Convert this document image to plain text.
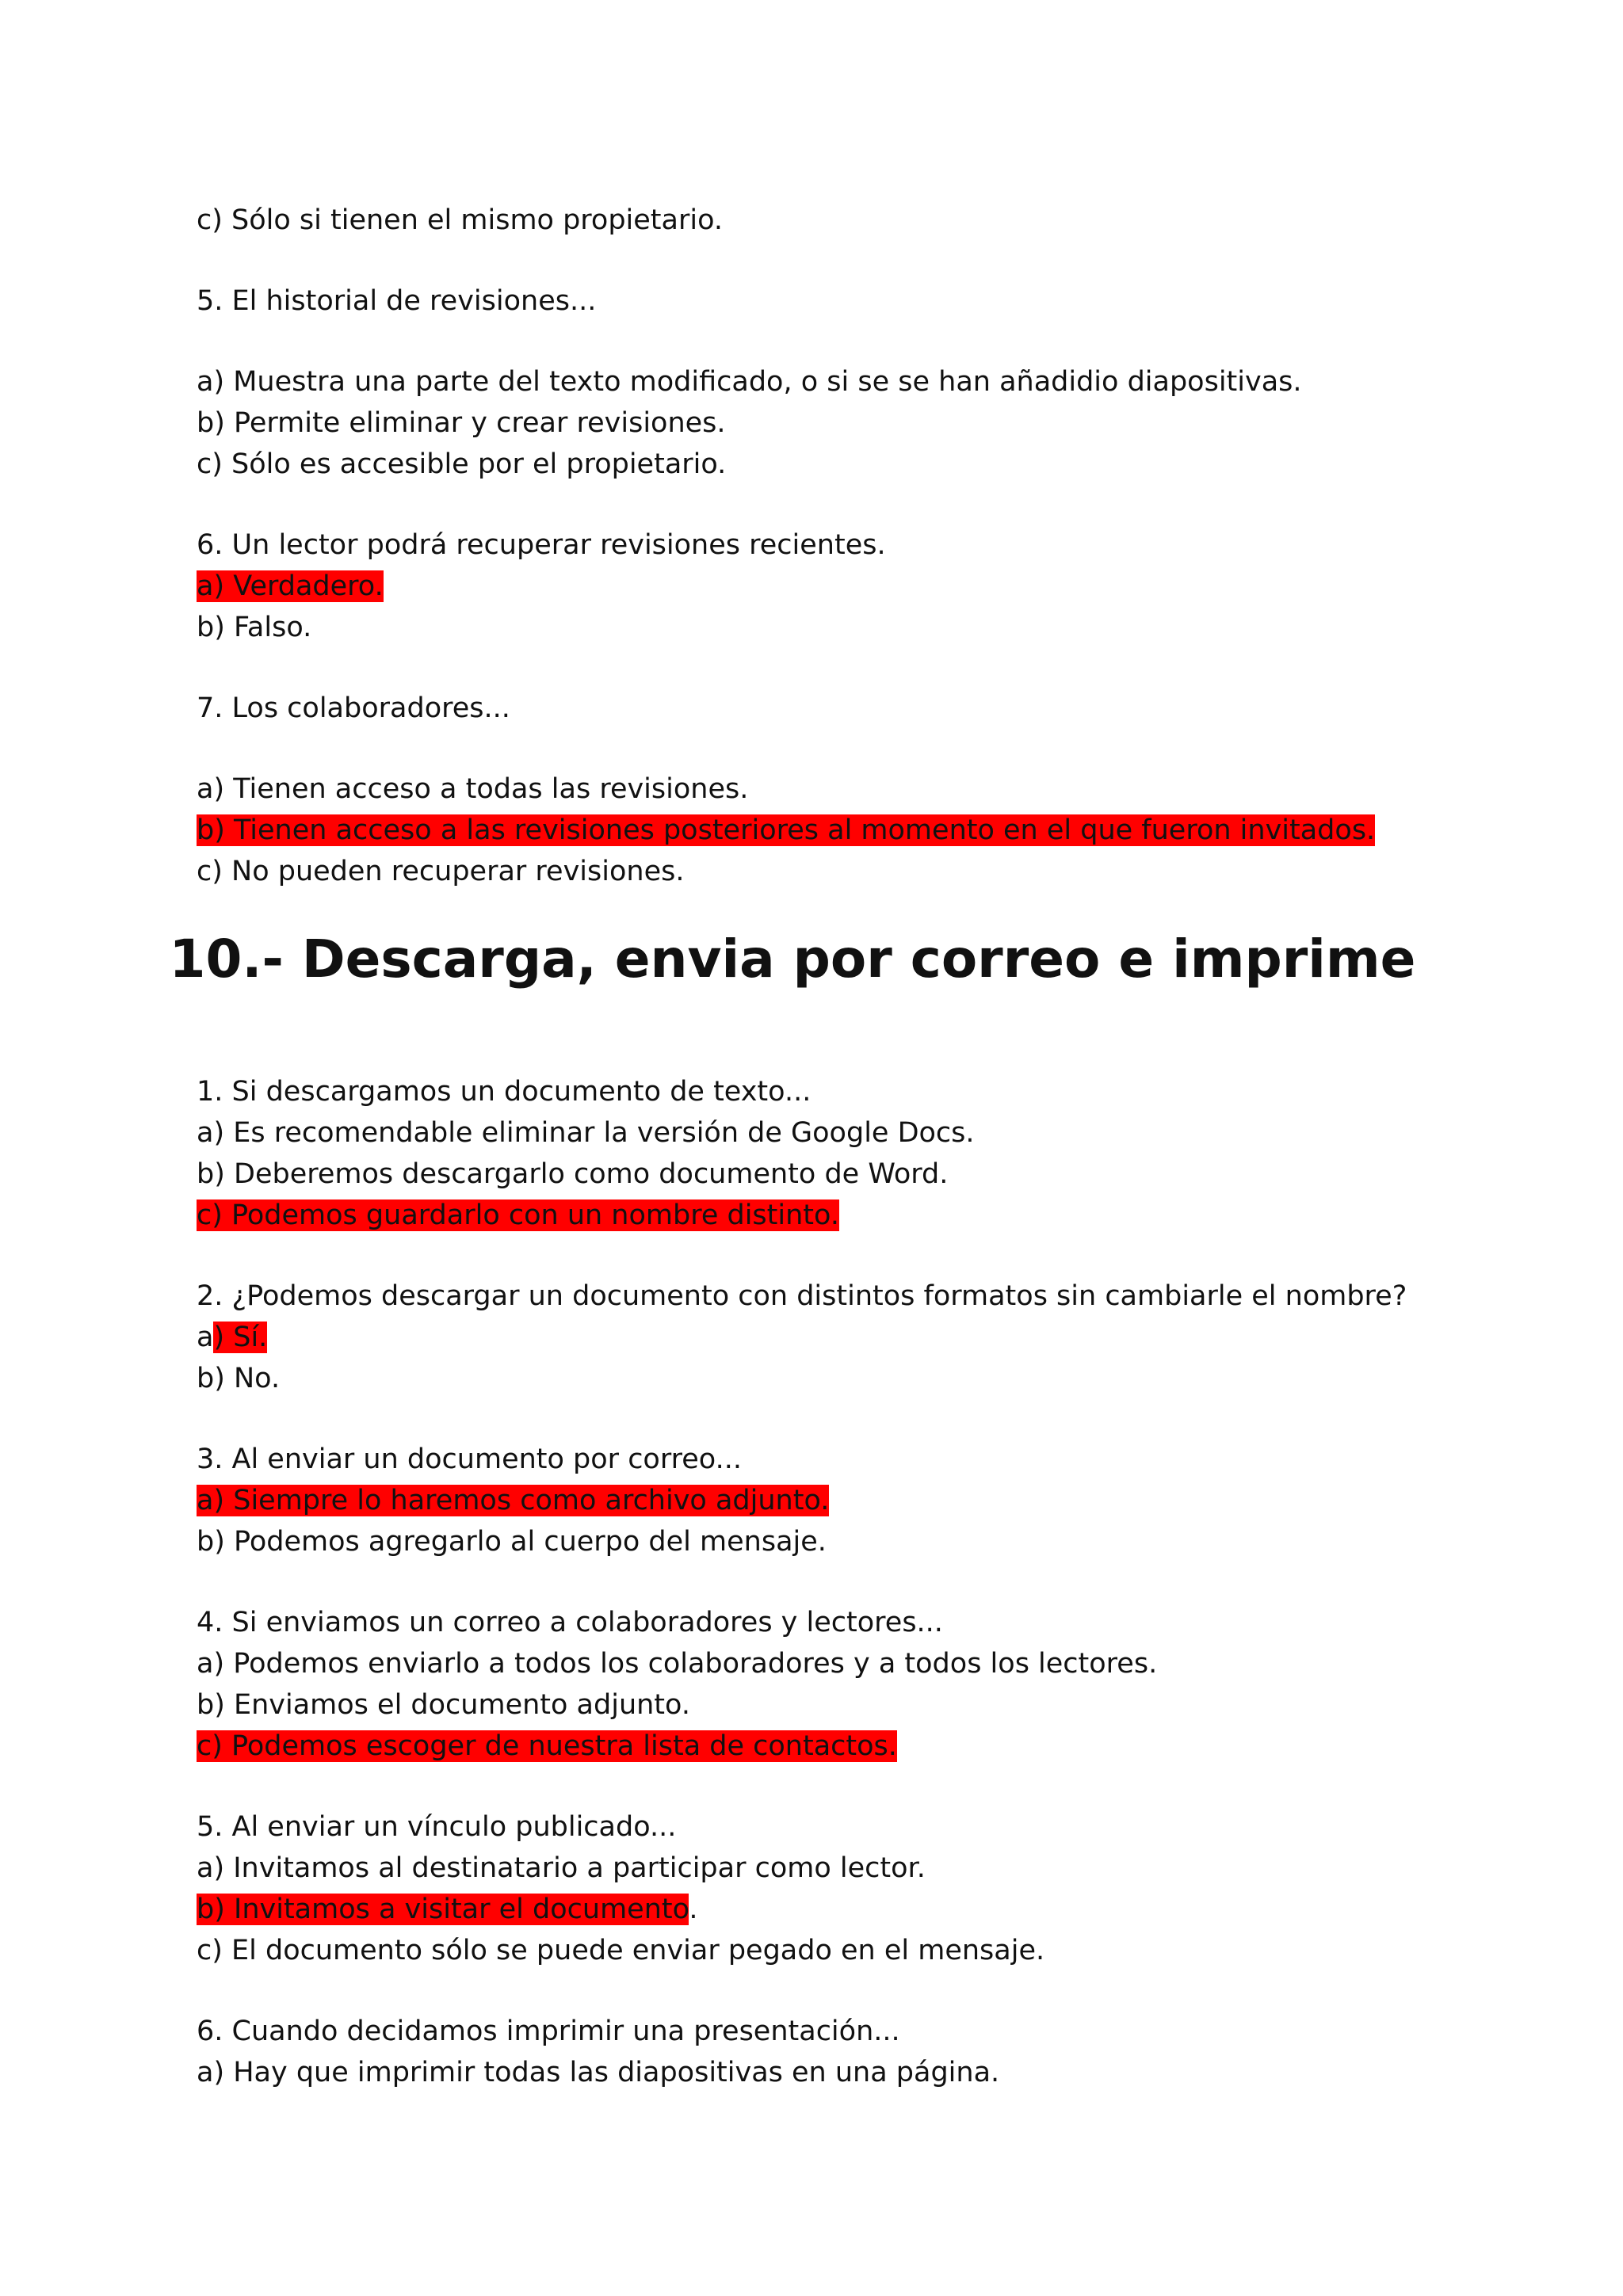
c) Sólo si tienen el mismo propietario.
5. El historial de revisiones...
a) Muestra una parte del texto modificado, o si se se han añadidio diapositivas.
b) Permite eliminar y crear revisiones.
c) Sólo es accesible por el propietario.
6. Un lector podrá recuperar revisiones recientes.
a) Verdadero.
b) Falso.
7. Los colaboradores...
a) Tienen acceso a todas las revisiones.
b) Tienen acceso a las revisiones posteriores al momento en el que fueron invitados.
c) No pueden recuperar revisiones.
10.- Descarga, envia por correo e imprime
1. Si descargamos un documento de texto...
a) Es recomendable eliminar la versión de Google Docs.
b) Deberemos descargarlo como documento de Word.
c) Podemos guardarlo con un nombre distinto.
2. ¿Podemos descargar un documento con distintos formatos sin cambiarle el nombre?
a) Sí.
b) No.
3. Al enviar un documento por correo...
a) Siempre lo haremos como archivo adjunto.
b) Podemos agregarlo al cuerpo del mensaje.
4. Si enviamos un correo a colaboradores y lectores...
a) Podemos enviarlo a todos los colaboradores y a todos los lectores.
b) Enviamos el documento adjunto.
c) Podemos escoger de nuestra lista de contactos.
5. Al enviar un vínculo publicado...
a) Invitamos al destinatario a participar como lector.
b) Invitamos a visitar el documento.
c) El documento sólo se puede enviar pegado en el mensaje.
6. Cuando decidamos imprimir una presentación...
a) Hay que imprimir todas las diapositivas en una página.
